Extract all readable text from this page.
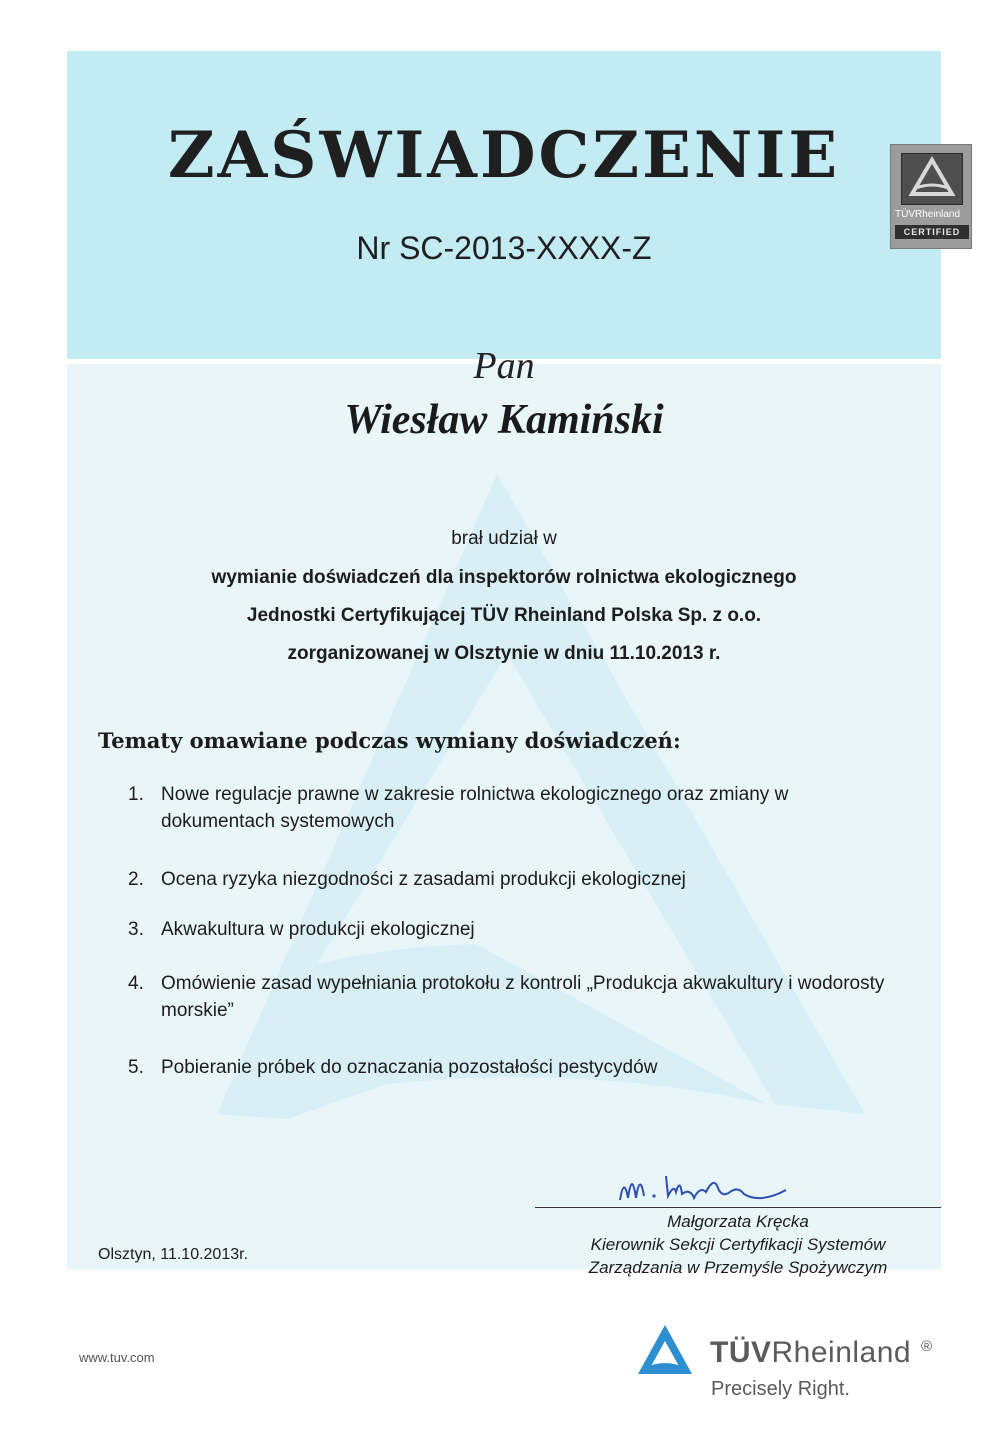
ZAŚWIADCZENIE
Nr SC-2013-XXXX-Z
TÜVRheinland
CERTIFIED
Pan
Wiesław Kamiński

brał udział w

wymianie doświadczeń dla inspektorów rolnictwa ekologicznego

Jednostki Certyfikującej TÜV Rheinland Polska Sp. z o.o.

zorganizowanej w Olsztynie w dniu 11.10.2013 r.

Tematy omawiane podczas wymiany doświadczeń:
1. Nowe regulacje prawne w zakresie rolnictwa ekologicznego oraz zmiany w dokumentach systemowych
2. Ocena ryzyka niezgodności z zasadami produkcji ekologicznej
3. Akwakultura w produkcji ekologicznej
4. Omówienie zasad wypełniania protokołu z kontroli „Produkcja akwakultury i wodorosty morskie”
5. Pobieranie próbek do oznaczania pozostałości pestycydów
Małgorzata Kręcka
Kierownik Sekcji Certyfikacji Systemów
Zarządzania w Przemyśle Spożywczym
Olsztyn, 11.10.2013r.
www.tuv.com	TÜVRheinland ®
Precisely Right.
